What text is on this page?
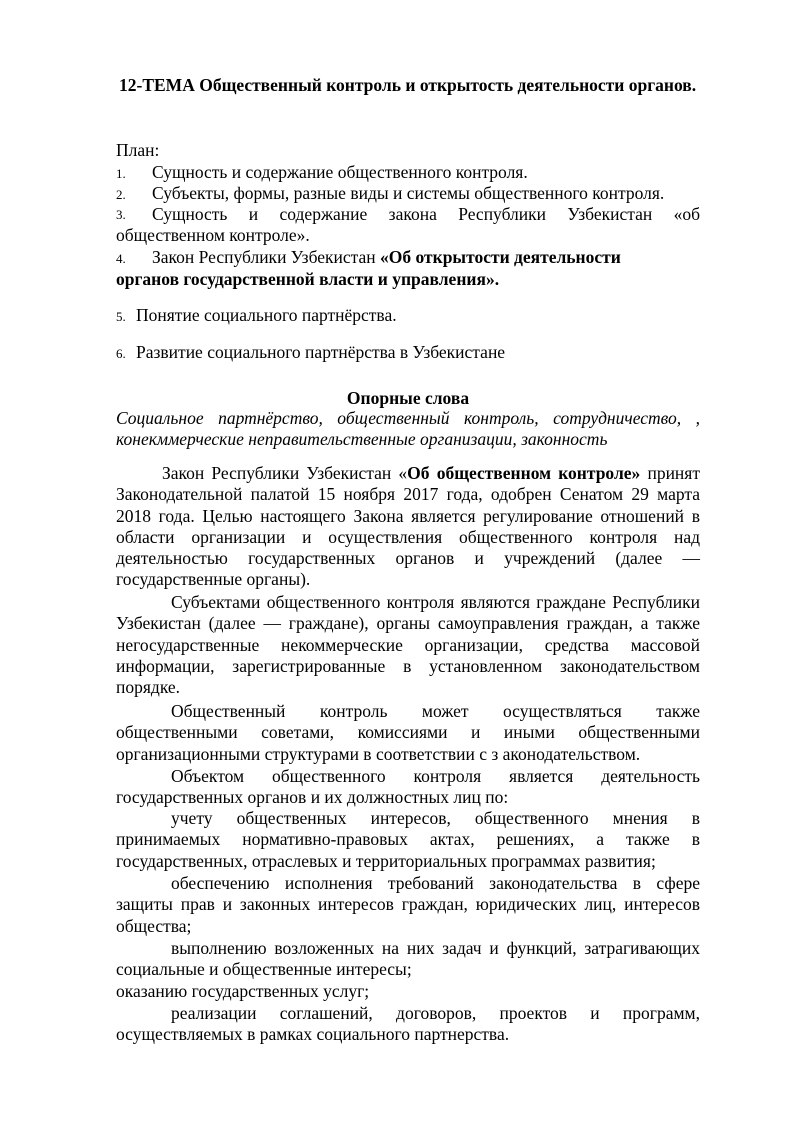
12-ТЕМА Общественный контроль и открытость деятельности органов.
План:
1. Сущность и содержание общественного контроля.
2. Субъекты, формы, разные виды и системы общественного контроля.
3.	Сущность и содержание закона Республики Узбекистан «об
общественном контроле».
4. Закон Республики Узбекистан «Об открытости деятельности
органов государственной власти и управления».
5. Понятие социального партнёрства.
6. Развитие социального партнёрства в Узбекистане
Опорные слова
Социальное партнёрство, общественный контроль, сотрудничество, ,
конекммерческие неправительственные организации, законность
Закон Республики Узбекистан «Об общественном контроле» принят Законодательной палатой 15 ноября 2017 года, одобрен Сенатом 29 марта 2018 года. Целью настоящего Закона является регулирование отношений в области организации и осуществления общественного контроля над деятельностью государственных органов и учреждений (далее — государственные органы).
Субъектами общественного контроля являются граждане Республики Узбекистан (далее — граждане), органы самоуправления граждан, а также негосударственные некоммерческие организации, средства массовой информации, зарегистрированные в установленном законодательством порядке.
Общественный контроль может осуществляться также общественными советами, комиссиями и иными общественными организационными структурами в соответствии с з аконодательством.
Объектом общественного контроля является деятельность государственных органов и их должностных лиц по:
учету общественных интересов, общественного мнения в принимаемых нормативно-правовых актах, решениях, а также в государственных, отраслевых и территориальных программах развития;
обеспечению исполнения требований законодательства в сфере защиты прав и законных интересов граждан, юридических лиц, интересов общества;
выполнению возложенных на них задач и функций, затрагивающих социальные и общественные интересы;
оказанию государственных услуг;
реализации соглашений, договоров, проектов и программ, осуществляемых в рамках социального партнерства.
